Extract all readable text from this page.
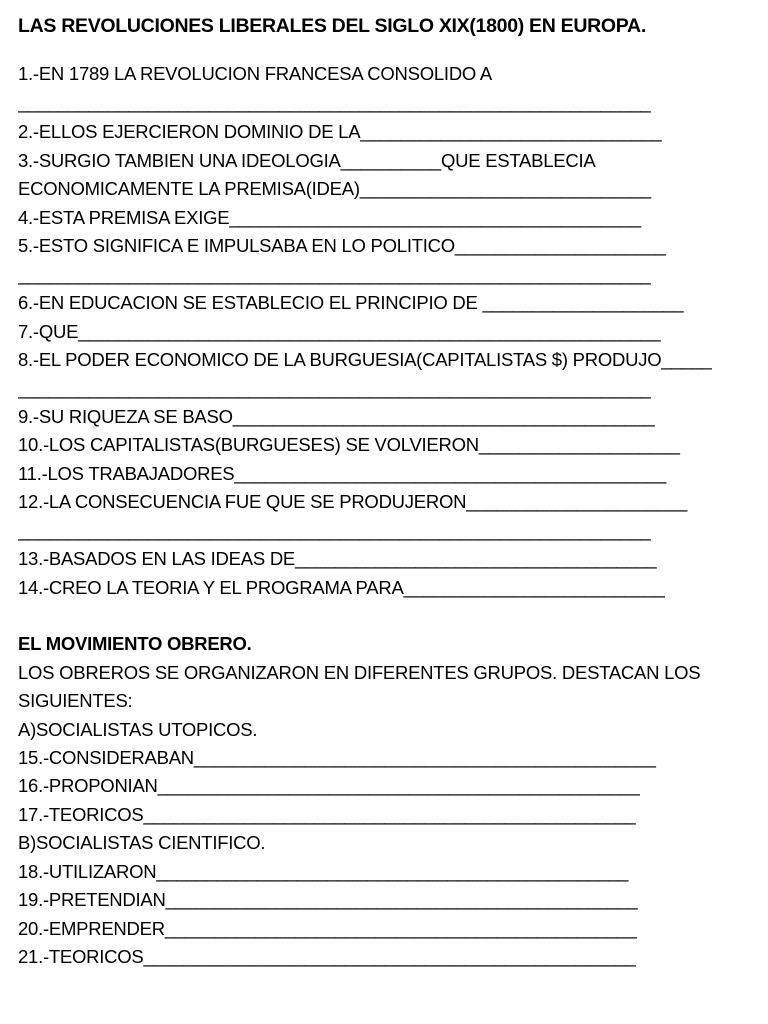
LAS REVOLUCIONES LIBERALES DEL SIGLO XIX(1800) EN EUROPA.
1.-EN 1789 LA REVOLUCION FRANCESA CONSOLIDO A
_______________________________________________________________
2.-ELLOS EJERCIERON DOMINIO DE LA______________________________
3.-SURGIO TAMBIEN UNA IDEOLOGIA__________QUE ESTABLECIA
ECONOMICAMENTE LA PREMISA(IDEA)_____________________________
4.-ESTA PREMISA EXIGE_________________________________________
5.-ESTO SIGNIFICA E IMPULSABA EN LO POLITICO_____________________
_______________________________________________________________
6.-EN EDUCACION SE ESTABLECIO EL PRINCIPIO DE ____________________
7.-QUE__________________________________________________________
8.-EL PODER ECONOMICO DE LA BURGUESIA(CAPITALISTAS $) PRODUJO_____
_______________________________________________________________
9.-SU RIQUEZA SE BASO__________________________________________
10.-LOS CAPITALISTAS(BURGUESES) SE VOLVIERON____________________
11.-LOS TRABAJADORES___________________________________________
12.-LA CONSECUENCIA FUE QUE SE PRODUJERON______________________
_______________________________________________________________
13.-BASADOS EN LAS IDEAS DE____________________________________
14.-CREO LA TEORIA Y EL PROGRAMA PARA__________________________
EL MOVIMIENTO OBRERO.
LOS OBREROS SE ORGANIZARON EN DIFERENTES GRUPOS. DESTACAN LOS
SIGUIENTES:
A)SOCIALISTAS UTOPICOS.
15.-CONSIDERABAN______________________________________________
16.-PROPONIAN________________________________________________
17.-TEORICOS_________________________________________________
B)SOCIALISTAS CIENTIFICO.
18.-UTILIZARON_______________________________________________
19.-PRETENDIAN_______________________________________________
20.-EMPRENDER_______________________________________________
21.-TEORICOS_________________________________________________
